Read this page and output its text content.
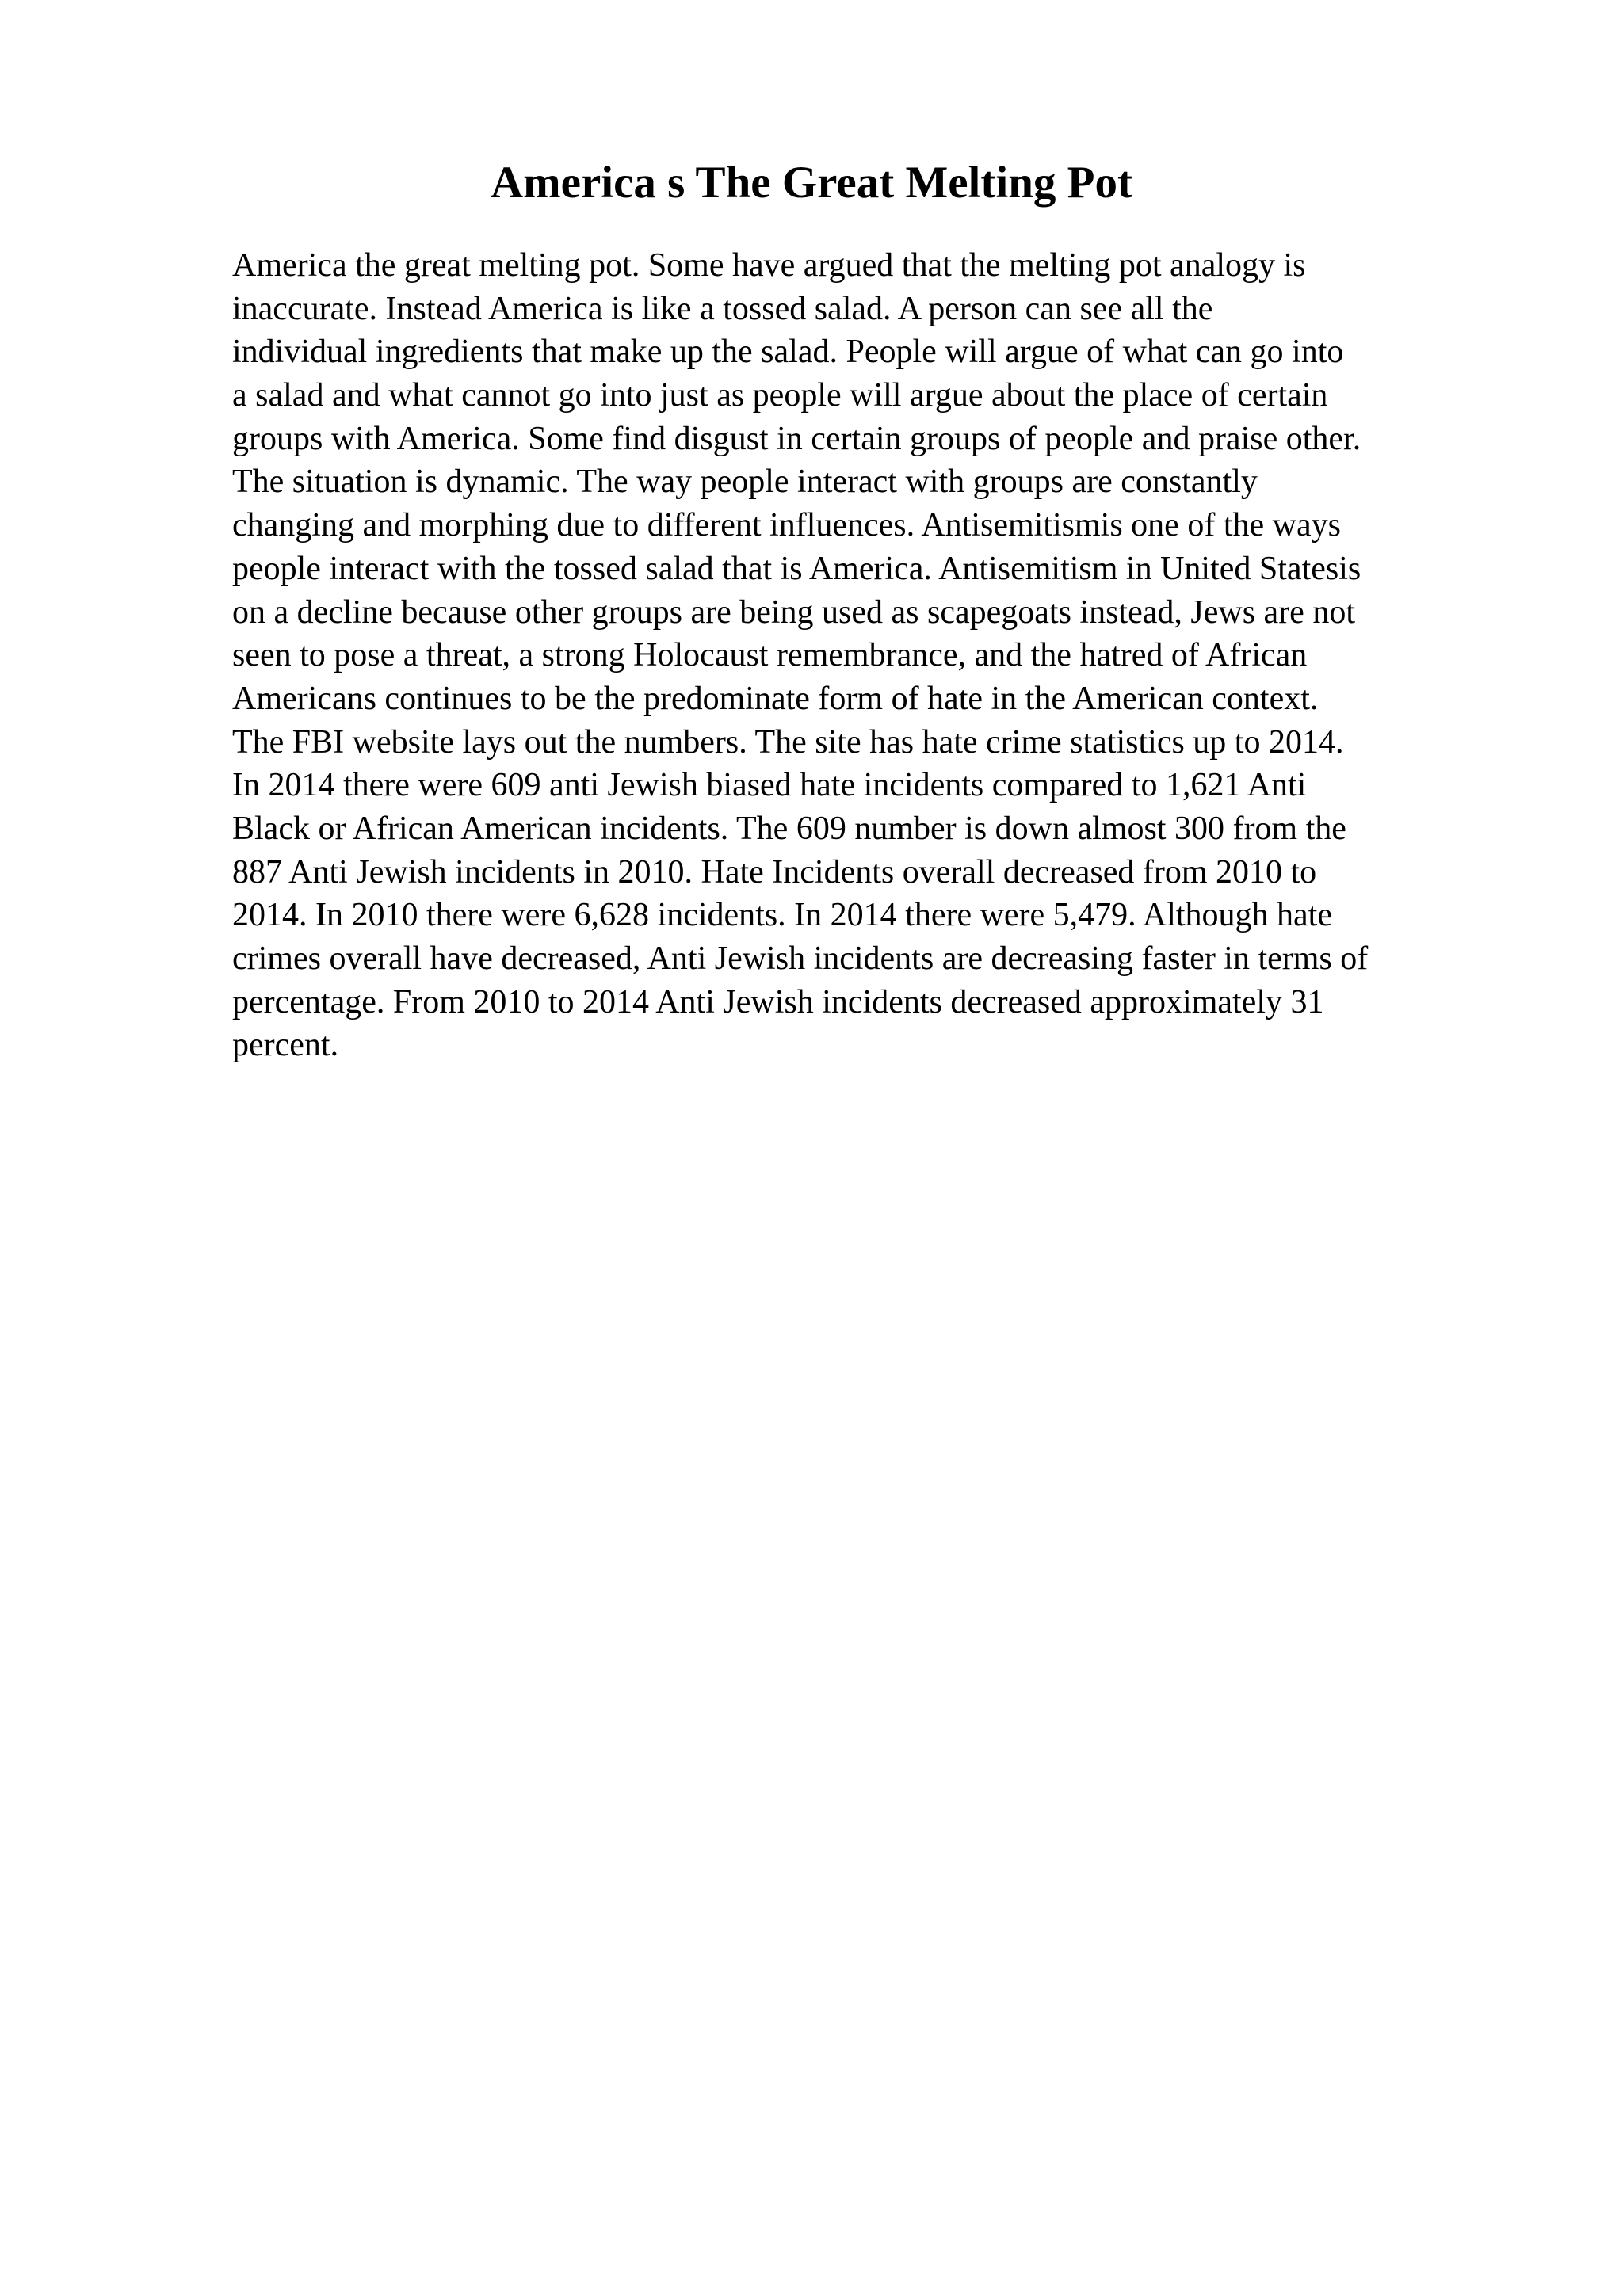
America s The Great Melting Pot
America the great melting pot. Some have argued that the melting pot analogy is
inaccurate. Instead America is like a tossed salad. A person can see all the
individual ingredients that make up the salad. People will argue of what can go into
a salad and what cannot go into just as people will argue about the place of certain
groups with America. Some find disgust in certain groups of people and praise other.
The situation is dynamic. The way people interact with groups are constantly
changing and morphing due to different influences. Antisemitismis one of the ways
people interact with the tossed salad that is America. Antisemitism in United Statesis
on a decline because other groups are being used as scapegoats instead, Jews are not
seen to pose a threat, a strong Holocaust remembrance, and the hatred of African
Americans continues to be the predominate form of hate in the American context.
The FBI website lays out the numbers. The site has hate crime statistics up to 2014.
In 2014 there were 609 anti Jewish biased hate incidents compared to 1,621 Anti
Black or African American incidents. The 609 number is down almost 300 from the
887 Anti Jewish incidents in 2010. Hate Incidents overall decreased from 2010 to
2014. In 2010 there were 6,628 incidents. In 2014 there were 5,479. Although hate
crimes overall have decreased, Anti Jewish incidents are decreasing faster in terms of
percentage. From 2010 to 2014 Anti Jewish incidents decreased approximately 31
percent.
